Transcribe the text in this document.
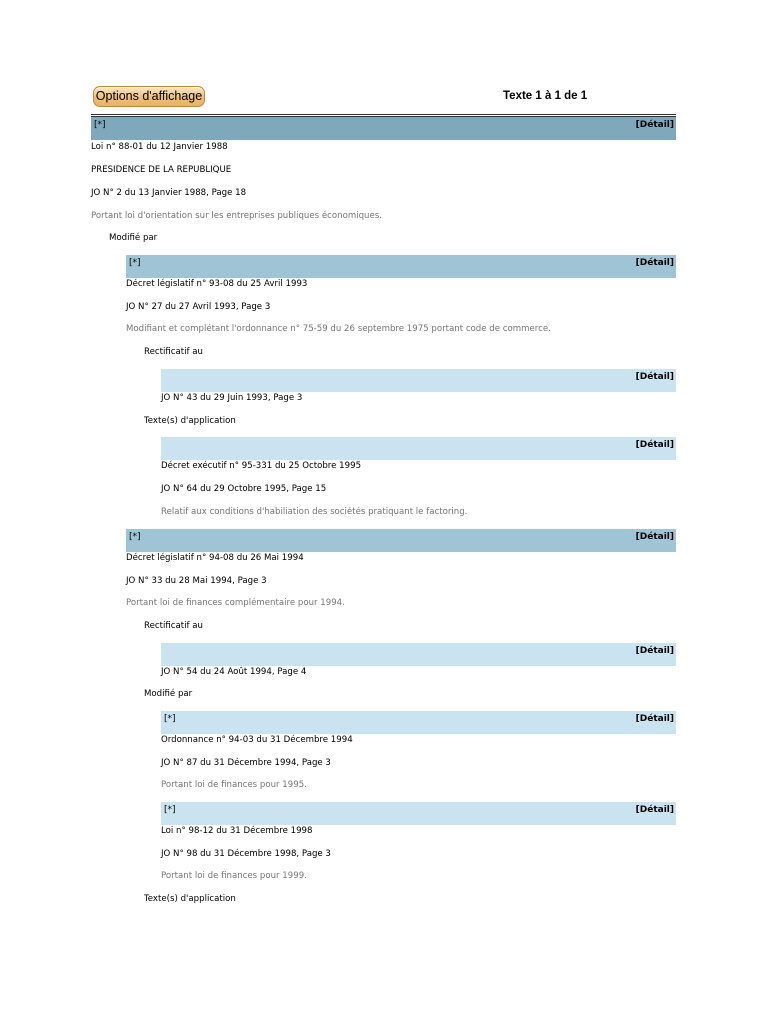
Options d'affichage	Texte 1 à 1 de 1
[*]	[Détail]
Loi n° 88-01 du 12 Janvier 1988
PRESIDENCE DE LA REPUBLIQUE
JO N° 2 du 13 Janvier 1988, Page 18
Portant loi d'orientation sur les entreprises publiques économiques.
Modifié par
[*]	[Détail]
Décret législatif n° 93-08 du 25 Avril 1993
JO N° 27 du 27 Avril 1993, Page 3
Modifiant et complétant l'ordonnance n° 75-59 du 26 septembre 1975 portant code de commerce.
Rectificatif au
[Détail]
JO N° 43 du 29 Juin 1993, Page 3
Texte(s) d'application
[Détail]
Décret exécutif n° 95-331 du 25 Octobre 1995
JO N° 64 du 29 Octobre 1995, Page 15
Relatif aux conditions d'habiliation des sociétés pratiquant le factoring.
[*]	[Détail]
Décret législatif n° 94-08 du 26 Mai 1994
JO N° 33 du 28 Mai 1994, Page 3
Portant loi de finances complémentaire pour 1994.
Rectificatif au
[Détail]
JO N° 54 du 24 Août 1994, Page 4
Modifié par
[*]	[Détail]
Ordonnance n° 94-03 du 31 Décembre 1994
JO N° 87 du 31 Décembre 1994, Page 3
Portant loi de finances pour 1995.
[*]	[Détail]
Loi n° 98-12 du 31 Décembre 1998
JO N° 98 du 31 Décembre 1998, Page 3
Portant loi de finances pour 1999.
Texte(s) d'application
